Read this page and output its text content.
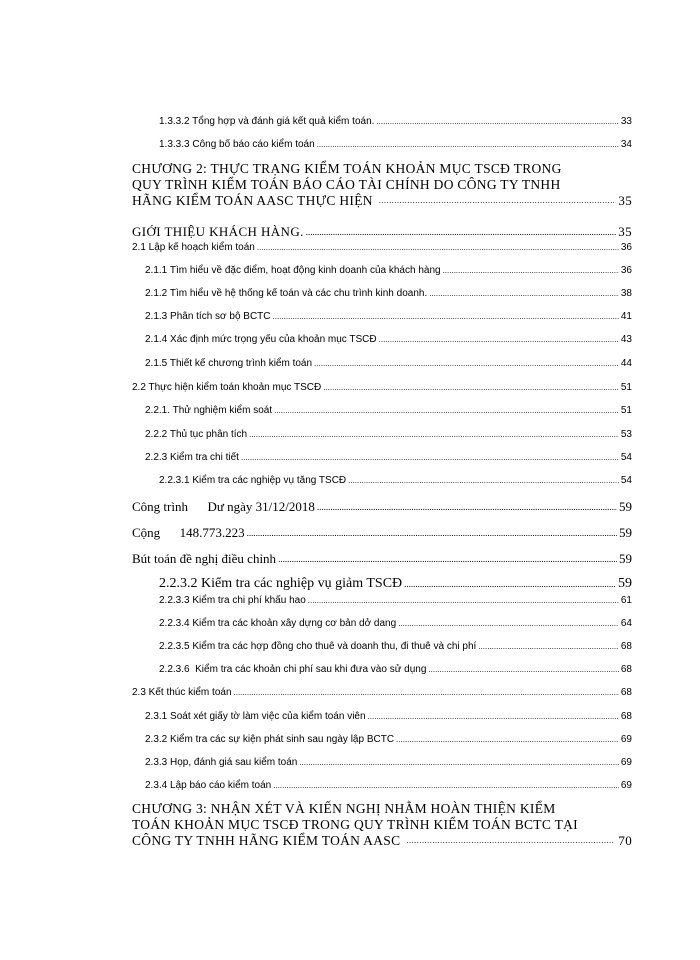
1.3.3.2 Tổng hợp và đánh giá kết quả kiểm toán. .....	33
1.3.3.3 Công bố báo cáo kiểm toán .....	34
CHƯƠNG 2: THỰC TRẠNG KIỂM TOÁN KHOẢN MỤC TSCĐ TRONG
QUY TRÌNH KIỂM TOÁN BÁO CÁO TÀI CHÍNH DO CÔNG TY TNHH
HÃNG KIỂM TOÁN AASC THỰC HIỆN .....	35
GIỚI THIỆU KHÁCH HÀNG. .....	35
2.1 Lập kế hoạch kiểm toán .....	36
2.1.1 Tìm hiểu về đặc điểm, hoạt động kinh doanh của khách hàng .....	36
2.1.2 Tìm hiểu về hệ thống kế toán và các chu trình kinh doanh. .....	38
2.1.3 Phân tích sơ bộ BCTC .....	41
2.1.4 Xác định mức trọng yếu của khoản mục TSCĐ .....	43
2.1.5 Thiết kế chương trình kiểm toán .....	44
2.2 Thực hiện kiểm toán khoản mục TSCĐ .....	51
2.2.1. Thử nghiệm kiểm soát .....	51
2.2.2 Thủ tục phân tích .....	53
2.2.3 Kiểm tra chi tiết .....	54
2.2.3.1 Kiểm tra các nghiệp vụ tăng TSCĐ .....	54
Công trình      Dư ngày 31/12/2018 .....	59
Cộng      148.773.223 .....	59
Bút toán đề nghị điều chỉnh .....	59
2.2.3.2 Kiểm tra các nghiệp vụ giảm TSCĐ .....	59
2.2.3.3 Kiểm tra chi phí khấu hao .....	61
2.2.3.4 Kiểm tra các khoản xây dựng cơ bản dở dang .....	64
2.2.3.5 Kiểm tra các hợp đồng cho thuê và doanh thu, đi thuê và chi phí .....	68
2.2.3.6  Kiểm tra các khoản chi phí sau khi đưa vào sử dụng .....	68
2.3 Kết thúc kiểm toán .....	68
2.3.1 Soát xét giấy tờ làm việc của kiểm toán viên .....	68
2.3.2 Kiểm tra các sự kiện phát sinh sau ngày lập BCTC .....	69
2.3.3 Họp, đánh giá sau kiểm toán .....	69
2.3.4 Lập báo cáo kiểm toán .....	69
CHƯƠNG 3: NHẬN XÉT VÀ KIẾN NGHỊ NHẰM HOÀN THIỆN KIỂM
TOÁN KHOẢN MỤC TSCĐ TRONG QUY TRÌNH KIỂM TOÁN BCTC TẠI
CÔNG TY TNHH HÃNG KIỂM TOÁN AASC .....	70
